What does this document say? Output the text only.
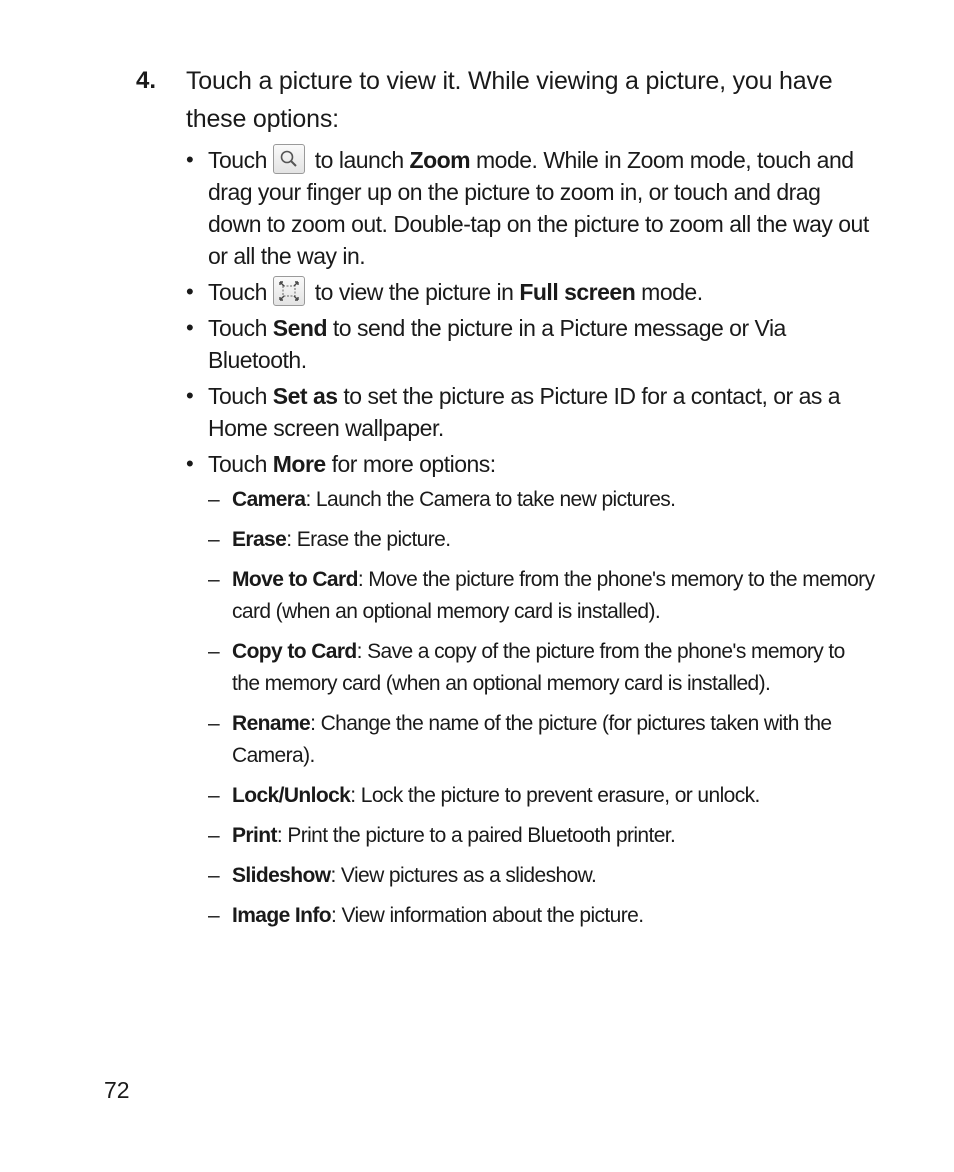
4. Touch a picture to view it. While viewing a picture, you have these options:
• Touch to launch Zoom mode. While in Zoom mode, touch and drag your finger up on the picture to zoom in, or touch and drag down to zoom out. Double-tap on the picture to zoom all the way out or all the way in.
• Touch to view the picture in Full screen mode.
• Touch Send to send the picture in a Picture message or Via Bluetooth.
• Touch Set as to set the picture as Picture ID for a contact, or as a Home screen wallpaper.
• Touch More for more options:
– Camera: Launch the Camera to take new pictures.
– Erase: Erase the picture.
– Move to Card: Move the picture from the phone's memory to the memory card (when an optional memory card is installed).
– Copy to Card: Save a copy of the picture from the phone's memory to the memory card (when an optional memory card is installed).
– Rename: Change the name of the picture (for pictures taken with the Camera).
– Lock/Unlock: Lock the picture to prevent erasure, or unlock.
– Print: Print the picture to a paired Bluetooth printer.
– Slideshow: View pictures as a slideshow.
– Image Info: View information about the picture.
72
